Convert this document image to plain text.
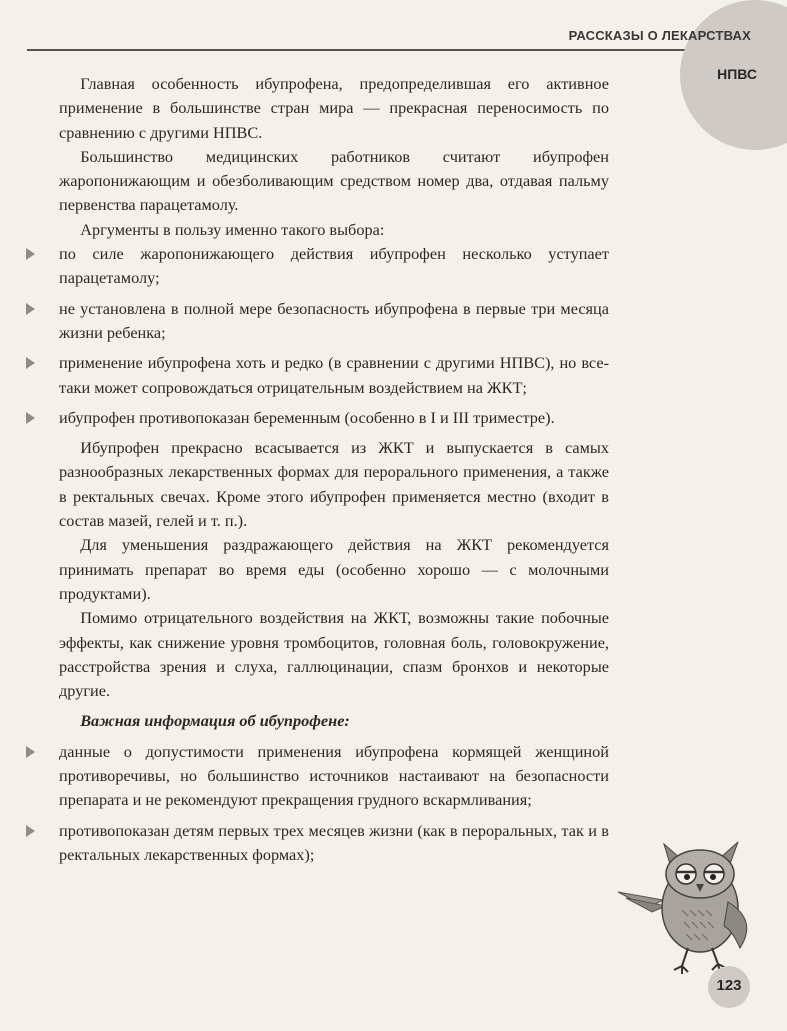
РАССКАЗЫ О ЛЕКАРСТВАХ
НПВС

Главная особенность ибупрофена, предопределившая его активное применение в большинстве стран мира — прекрасная переносимость по сравнению с другими НПВС.

Большинство медицинских работников считают ибупрофен жаропонижающим и обезболивающим средством номер два, отдавая пальму первенства парацетамолу.

Аргументы в пользу именно такого выбора:

по силе жаропонижающего действия ибупрофен несколько уступает парацетамолу;

не установлена в полной мере безопасность ибупрофена в первые три месяца жизни ребенка;

применение ибупрофена хоть и редко (в сравнении с другими НПВС), но все-таки может сопровождаться отрицательным воздействием на ЖКТ;

ибупрофен противопоказан беременным (особенно в I и III триместре).

Ибупрофен прекрасно всасывается из ЖКТ и выпускается в самых разнообразных лекарственных формах для перорального применения, а также в ректальных свечах. Кроме этого ибупрофен применяется местно (входит в состав мазей, гелей и т. п.).

Для уменьшения раздражающего действия на ЖКТ рекомендуется принимать препарат во время еды (особенно хорошо — с молочными продуктами).

Помимо отрицательного воздействия на ЖКТ, возможны такие побочные эффекты, как снижение уровня тромбоцитов, головная боль, головокружение, расстройства зрения и слуха, галлюцинации, спазм бронхов и некоторые другие.

Важная информация об ибупрофене:

данные о допустимости применения ибупрофена кормящей женщиной противоречивы, но большинство источников настаивают на безопасности препарата и не рекомендуют прекращения грудного вскармливания;

противопоказан детям первых трех месяцев жизни (как в пероральных, так и в ректальных лекарственных формах);

123
